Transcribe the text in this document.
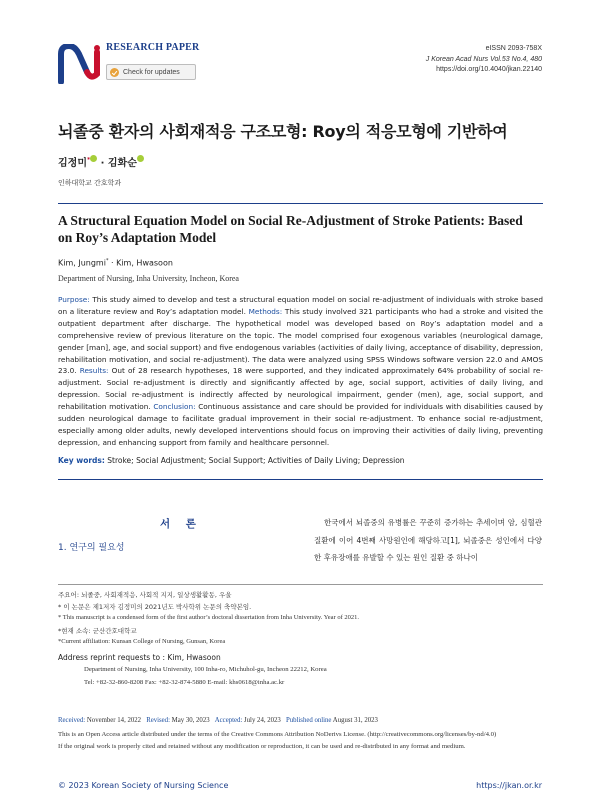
RESEARCH PAPER
Check for updates
eISSN 2093-758X
J Korean Acad Nurs Vol.53 No.4, 480
https://doi.org/10.4040/jkan.22140
뇌졸중 환자의 사회재적응 구조모형: Roy의 적응모형에 기반하여
김정미* · 김화순
인하대학교 간호학과
A Structural Equation Model on Social Re-Adjustment of Stroke Patients: Based on Roy’s Adaptation Model
Kim, Jungmi* · Kim, Hwasoon
Department of Nursing, Inha University, Incheon, Korea
Purpose: This study aimed to develop and test a structural equation model on social re-adjustment of individuals with stroke based on a literature review and Roy’s adaptation model. Methods: This study involved 321 participants who had a stroke and visited the outpatient department after discharge. The hypothetical model was developed based on Roy’s adaptation model and a comprehensive review of previous literature on the topic. The model comprised four exogenous variables (neurological damage, gender [man], age, and social support) and five endogenous variables (activities of daily living, acceptance of disability, depression, rehabilitation motivation, and social re-adjustment). The data were analyzed using SPSS Windows software version 22.0 and AMOS 23.0. Results: Out of 28 research hypotheses, 18 were supported, and they indicated approximately 64% probability of social re-adjustment. Social re-adjustment is directly and significantly affected by age, social support, activities of daily living, and depression. Social re-adjustment is indirectly affected by neurological impairment, gender (men), age, social support, and rehabilitation motivation. Conclusion: Continuous assistance and care should be provided for individuals with disabilities caused by sudden neurological damage to facilitate gradual improvement in their social re-adjustment. To enhance social re-adjustment, especially among older adults, newly developed interventions should focus on improving their activities of daily living, preventing depression, and enhancing support from family and healthcare personnel.
Key words: Stroke; Social Adjustment; Social Support; Activities of Daily Living; Depression
서 론
1. 연구의 필요성
한국에서 뇌졸중의 유병률은 꾸준히 증가하는 추세이며 암, 심혈관 질환에 이어 4번째 사망원인에 해당하고[1], 뇌졸중은 성인에서 다양한 후유장애를 유발할 수 있는 원인 질환 중 하나이
주요어: 뇌졸중, 사회재적응, 사회적 지지, 일상생활활동, 우울
* 이 논문은 제1저자 김정미의 2021년도 박사학위 논문의 축약본임.
* This manuscript is a condensed form of the first author’s doctoral dissertation from Inha University. Year of 2021.
*현재 소속: 군산간호대학교
*Current affiliation: Kunsan College of Nursing, Gunsan, Korea
Address reprint requests to : Kim, Hwasoon
Department of Nursing, Inha University, 100 Inha-ro, Michuhol-gu, Incheon 22212, Korea
Tel: +82-32-860-8208 Fax: +82-32-874-5880 E-mail: khs0618@inha.ac.kr
Received: November 14, 2022 Revised: May 30, 2023 Accepted: July 24, 2023 Published online August 31, 2023
This is an Open Access article distributed under the terms of the Creative Commons Attribution NoDerivs License. (http://creativecommons.org/licenses/by-nd/4.0)
If the original work is properly cited and retained without any modification or reproduction, it can be used and re-distributed in any format and medium.
© 2023 Korean Society of Nursing Science	https://jkan.or.kr
